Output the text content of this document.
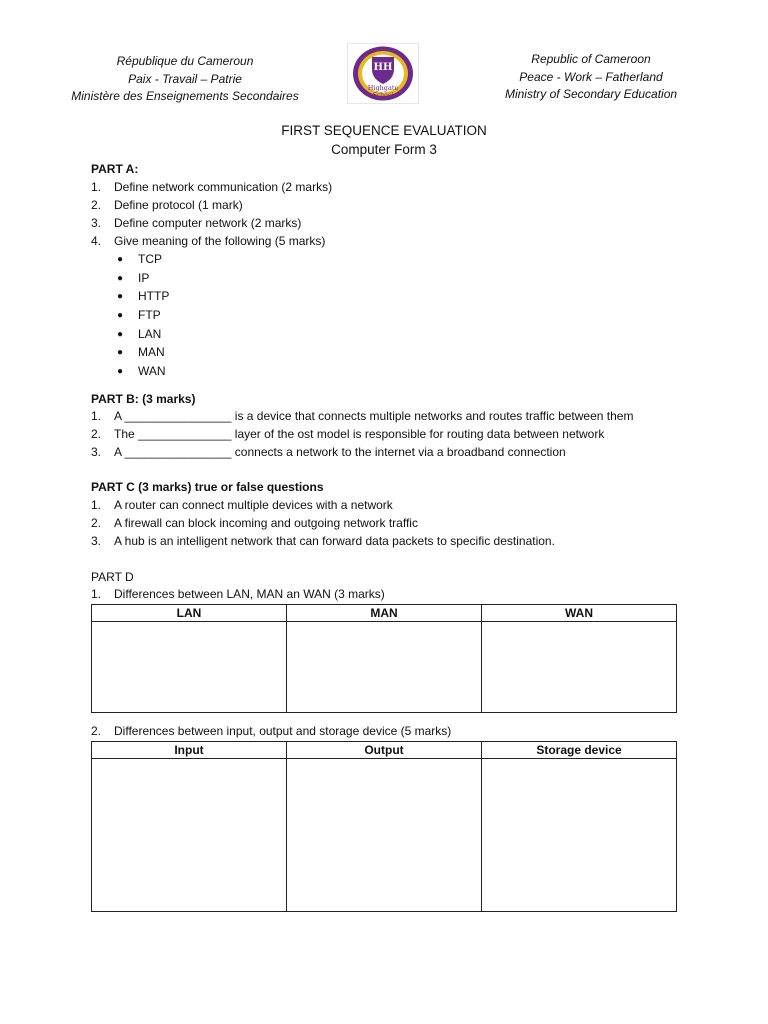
République du Cameroun
Paix - Travail – Patrie
Ministère des Enseignements Secondaires
HH
Highgate
School
Republic of Cameroon
Peace - Work – Fatherland
Ministry of Secondary Education
FIRST SEQUENCE EVALUATION
Computer Form 3
PART A:
1. Define network communication (2 marks)
2. Define protocol (1 mark)
3. Define computer network (2 marks)
4. Give meaning of the following (5 marks)
● TCP
● IP
● HTTP
● FTP
● LAN
● MAN
● WAN
PART B: (3 marks)
1. A ________________ is a device that connects multiple networks and routes traffic between them
2. The ______________ layer of the ost model is responsible for routing data between network
3. A ________________ connects a network to the internet via a broadband connection
PART C (3 marks) true or false questions
1. A router can connect multiple devices with a network
2. A firewall can block incoming and outgoing network traffic
3. A hub is an intelligent network that can forward data packets to specific destination.
PART D
1. Differences between LAN, MAN an WAN (3 marks)
LAN	MAN	WAN

2. Differences between input, output and storage device (5 marks)
Input	Output	Storage device
